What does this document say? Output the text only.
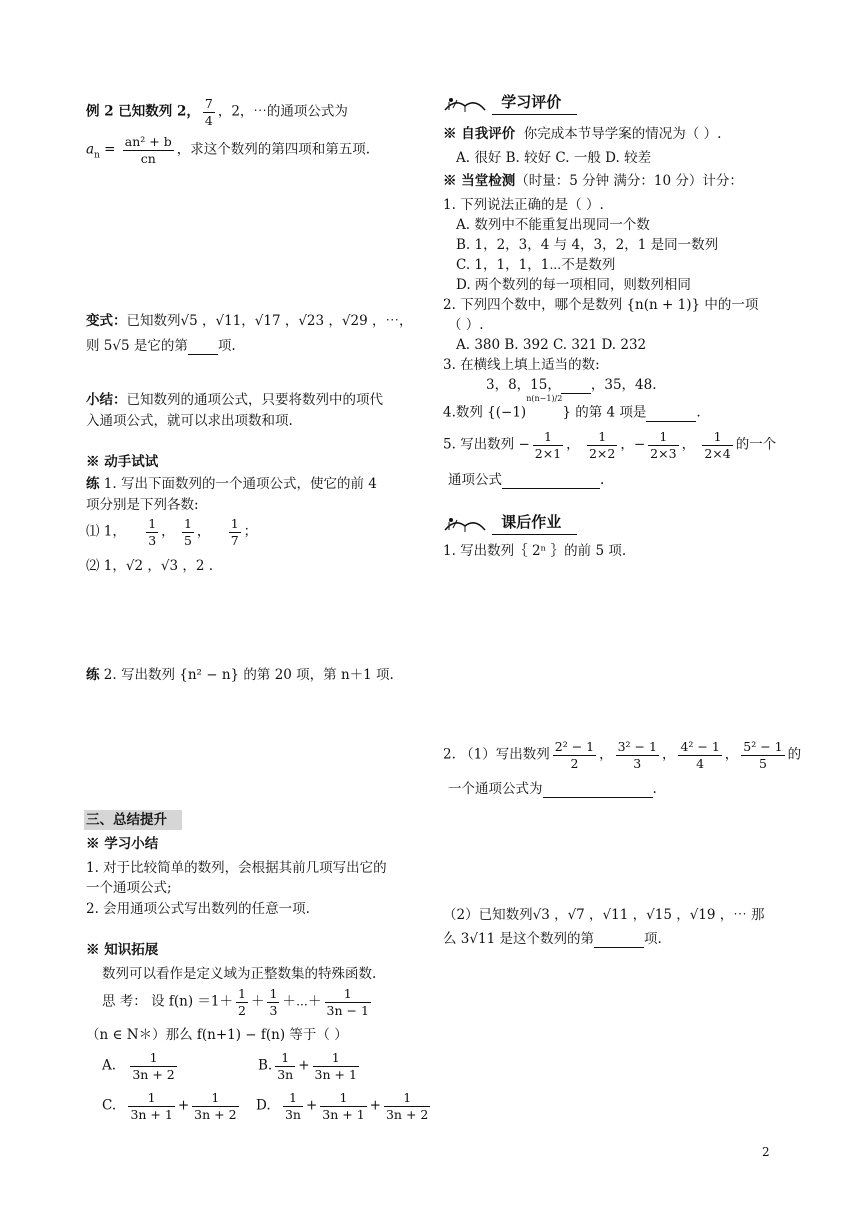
例 2 已知数列 2， $\frac{7}{4}$ ，2，⋯的通项公式为
$a_n = \frac{\text{an² + b}}{cn}$ ，求这个数列的第四项和第五项.
变式：已知数列√5 ，√11，√17 ，√23 ，√29 ，⋯，
则 5√5 是它的第 项.
小结：已知数列的通项公式，只要将数列中的项代
入通项公式，就可以求出项数和项.
※ 动手试试
练 1. 写出下面数列的一个通项公式，使它的前 4
项分别是下列各数:
⑴ 1， $\frac{1}{3}$ ， $\frac{1}{5}$ ， $\frac{1}{7}$ ；
⑵ 1，√2 ，√3 ，2 .
练 2. 写出数列 {n² − n} 的第 20 项，第 n＋1 项.
三、总结提升
※ 学习小结
1. 对于比较简单的数列，会根据其前几项写出它的
一个通项公式;
2. 会用通项公式写出数列的任意一项.
※ 知识拓展
数列可以看作是定义域为正整数集的特殊函数.
思 考： 设 $f(n) =1+ \frac{1}{2} + \frac{1}{3}$ ＋⋯＋ $\frac{1}{3n - 1}$
（n ∈ N＊）那么 f(n+1) − f(n) 等于（ ）
A. $\frac{1}{3n + 2}$	B. $\frac{1}{3n} + \frac{1}{3n + 1}$
C. $\frac{1}{3n + 1} + \frac{1}{3n + 2} D$. $\frac{1}{3n} + \frac{1}{3n + 1} + \frac{1}{3n + 2}$
学习评价
※ 自我评价 你完成本节导学案的情况为（ ）.
A. 很好 B. 较好 C. 一般 D. 较差
※ 当堂检测（时量：5 分钟 满分：10 分）计分：
1. 下列说法正确的是（ ）.
A. 数列中不能重复出现同一个数
B. 1，2，3，4 与 4，3，2，1 是同一数列
C. 1，1，1，1⋯不是数列
D. 两个数列的每一项相同，则数列相同
2. 下列四个数中，哪个是数列 {n(n + 1)} 中的一项
（ ）.
A. 380 B. 392 C. 321 D. 232
3. 在横线上填上适当的数:
3，8，15， ，35，48.
4.数列 $\{(-1)^{n(n-1)/2}\}$ 的第 4 项是	.
5. 写出数列 − $\frac{1}{2\times 1}$ ， $\frac{1}{2\times 2}$ ，− $\frac{1}{2\times 3}$ ， $\frac{1}{2\times 4}$ 的一个
通项公式	.
课后作业
1. 写出数列｛ 2ⁿ ｝的前 5 项.
2. （1）写出数列 $\frac{\text{2² − 1}}{2}$ ， $\frac{\text{3² − 1}}{3}$ ， $\frac{\text{4² − 1}}{4}$ ， $\frac{\text{5² − 1}}{5}$ 的
一个通项公式为	.
（2）已知数列√3 ，√7 ，√11 ，√15 ，√19 ，⋯ 那
么 3√11 是这个数列的第	项.
2
